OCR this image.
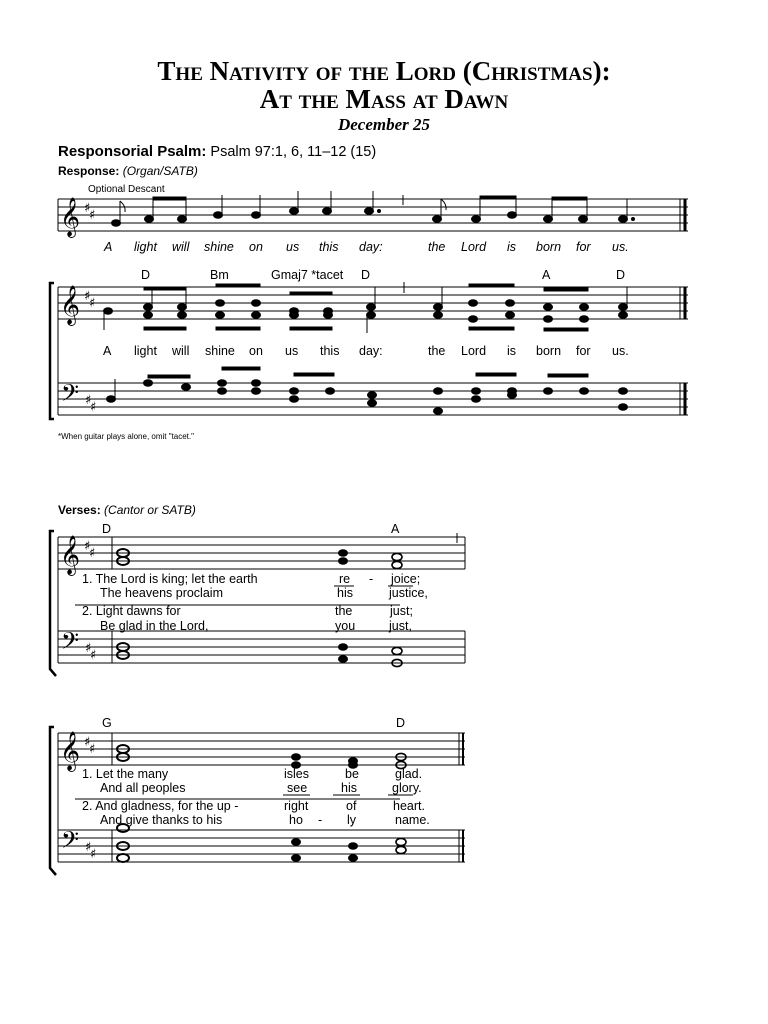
The Nativity of the Lord (Christmas):
At the Mass at Dawn
December 25
Responsorial Psalm: Psalm 97:1, 6, 11–12 (15)
Response: (Organ/SATB)
Optional Descant
𝄞 ♯
♯
𝄞 ♯
♯
𝄢 ♯
♯
𝄞 ♯
♯
𝄢 ♯
♯
𝄞 ♯
♯
𝄢 ♯
♯
A light will shine on us this day:	the Lord is born for us.
D	Bm	Gmaj7 *tacet D	A	D
A light will shine on us this day:	the Lord is born for us.
*When guitar plays alone, omit "tacet."
Verses: (Cantor or SATB)
D	A
1. The Lord is king; let the earth	re - joice;
The heavens proclaim	his	justice,
2. Light dawns for	the	just;
Be glad in the Lord,	you	just,
G	D
1. Let the many	isles	be	glad.
And all peoples	see	his	glory.
2. And gladness, for the up -	right	of	heart.
And give thanks to his	ho - ly	name.
